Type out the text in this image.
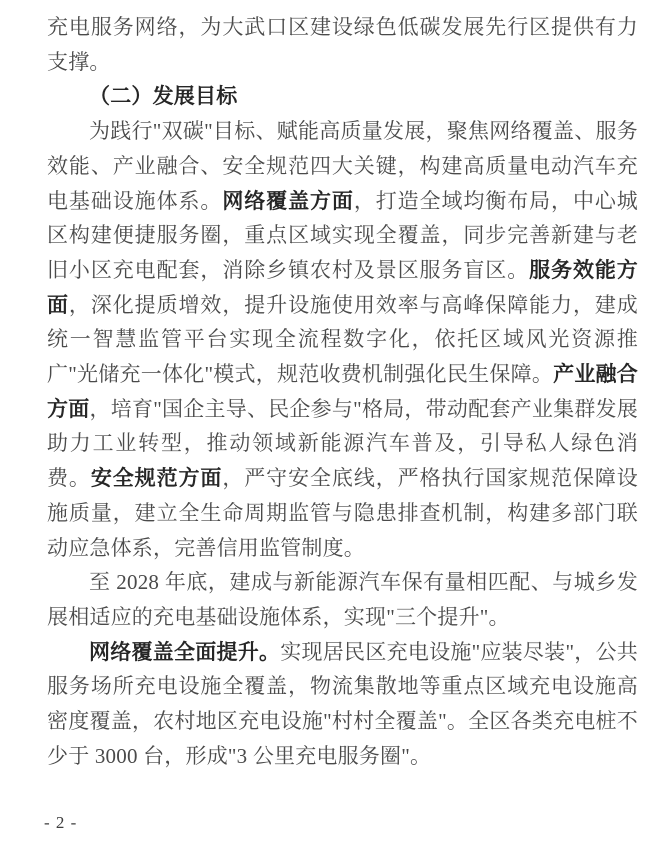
充电服务网络，为大武口区建设绿色低碳发展先行区提供有力支撑。

（二）发展目标

为践行"双碳"目标、赋能高质量发展，聚焦网络覆盖、服务效能、产业融合、安全规范四大关键，构建高质量电动汽车充电基础设施体系。网络覆盖方面，打造全域均衡布局，中心城区构建便捷服务圈，重点区域实现全覆盖，同步完善新建与老旧小区充电配套，消除乡镇农村及景区服务盲区。服务效能方面，深化提质增效，提升设施使用效率与高峰保障能力，建成统一智慧监管平台实现全流程数字化，依托区域风光资源推广"光储充一体化"模式，规范收费机制强化民生保障。产业融合方面，培育"国企主导、民企参与"格局，带动配套产业集群发展助力工业转型，推动领域新能源汽车普及，引导私人绿色消费。安全规范方面，严守安全底线，严格执行国家规范保障设施质量，建立全生命周期监管与隐患排查机制，构建多部门联动应急体系，完善信用监管制度。

至 2028 年底，建成与新能源汽车保有量相匹配、与城乡发展相适应的充电基础设施体系，实现"三个提升"。

网络覆盖全面提升。实现居民区充电设施"应装尽装"，公共服务场所充电设施全覆盖，物流集散地等重点区域充电设施高密度覆盖，农村地区充电设施"村村全覆盖"。全区各类充电桩不少于 3000 台，形成"3 公里充电服务圈"。

- 2 -
